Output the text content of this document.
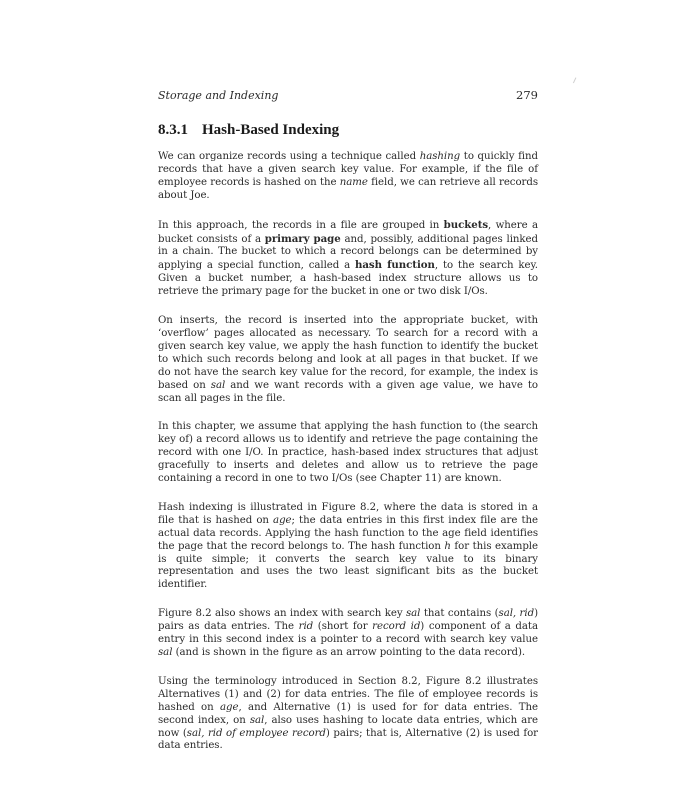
Storage and Indexing	279
8.3.1 Hash-Based Indexing

We can organize records using a technique called hashing to quickly find records that have a given search key value. For example, if the file of employee records is hashed on the name field, we can retrieve all records about Joe.

In this approach, the records in a file are grouped in buckets, where a bucket consists of a primary page and, possibly, additional pages linked in a chain. The bucket to which a record belongs can be determined by applying a special function, called a hash function, to the search key. Given a bucket number, a hash-based index structure allows us to retrieve the primary page for the bucket in one or two disk I/Os.

On inserts, the record is inserted into the appropriate bucket, with ‘overflow’ pages allocated as necessary. To search for a record with a given search key value, we apply the hash function to identify the bucket to which such records belong and look at all pages in that bucket. If we do not have the search key value for the record, for example, the index is based on sal and we want records with a given age value, we have to scan all pages in the file.

In this chapter, we assume that applying the hash function to (the search key of) a record allows us to identify and retrieve the page containing the record with one I/O. In practice, hash-based index structures that adjust gracefully to inserts and deletes and allow us to retrieve the page containing a record in one to two I/Os (see Chapter 11) are known.

Hash indexing is illustrated in Figure 8.2, where the data is stored in a file that is hashed on age; the data entries in this first index file are the actual data records. Applying the hash function to the age field identifies the page that the record belongs to. The hash function h for this example is quite simple; it converts the search key value to its binary representation and uses the two least significant bits as the bucket identifier.

Figure 8.2 also shows an index with search key sal that contains (sal, rid) pairs as data entries. The rid (short for record id) component of a data entry in this second index is a pointer to a record with search key value sal (and is shown in the figure as an arrow pointing to the data record).

Using the terminology introduced in Section 8.2, Figure 8.2 illustrates Alternatives (1) and (2) for data entries. The file of employee records is hashed on age, and Alternative (1) is used for for data entries. The second index, on sal, also uses hashing to locate data entries, which are now (sal, rid of employee record) pairs; that is, Alternative (2) is used for data entries.
